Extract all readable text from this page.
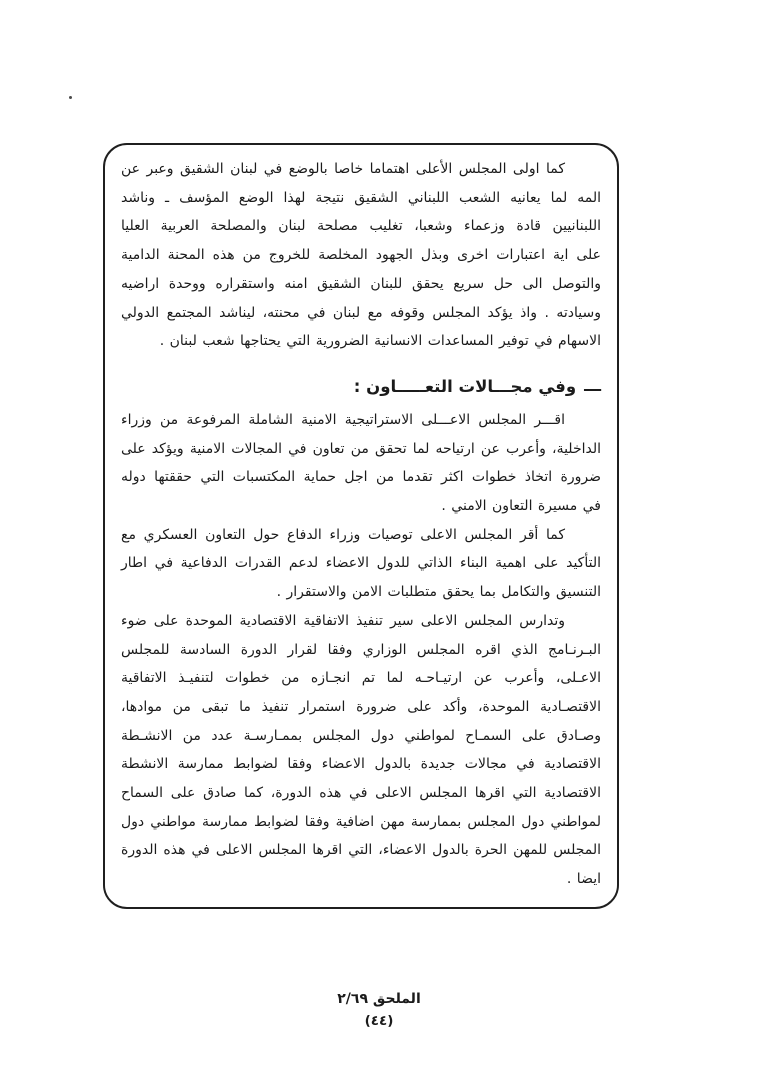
كما اولى المجلس الأعلى اهتماما خاصا بالوضع في لبنان الشقيق وعبر عن
المه لما يعانيه الشعب اللبناني الشقيق نتيجة لهذا الوضع المؤسف ـ وناشد
اللبنانيين قادة وزعماء وشعبا، تغليب مصلحة لبنان والمصلحة العربية العليا
على اية اعتبارات اخرى وبذل الجهود المخلصة للخروج من هذه المحنة الدامية
والتوصل الى حل سريع يحقق للبنان الشقيق امنه واستقراره ووحدة اراضيه
وسيادته . واذ يؤكد المجلس وقوفه مع لبنان في محنته، ليناشد المجتمع الدولي
الاسهام في توفير المساعدات الانسانية الضرورية التي يحتاجها شعب لبنان .
ـــوفي مجـــالات التعـــــاون :
اقـــر المجلس الاعـــلى الاستراتيجية الامنية الشاملة المرفوعة من وزراء
الداخلية، وأعرب عن ارتياحه لما تحقق من تعاون في المجالات الامنية ويؤكد على
ضرورة اتخاذ خطوات اكثر تقدما من اجل حماية المكتسبات التي حققتها دوله
في مسيرة التعاون الامني .
كما أقر المجلس الاعلى توصيات وزراء الدفاع حول التعاون العسكري مع
التأكيد على اهمية البناء الذاتي للدول الاعضاء لدعم القدرات الدفاعية في اطار
التنسيق والتكامل بما يحقق متطلبات الامن والاستقرار .
وتدارس المجلس الاعلى سير تنفيذ الاتفاقية الاقتصادية الموحدة على ضوء
البـرنـامج الذي اقره المجلس الوزاري وفقا لقرار الدورة السادسة للمجلس
الاعـلى، وأعرب عن ارتيـاحـه لما تم انجـازه من خطوات لتنفيـذ الاتفاقية
الاقتصـادية الموحدة، وأكد على ضرورة استمرار تنفيذ ما تبقى من موادها،
وصـادق على السمـاح لمواطني دول المجلس بممـارسـة عدد من الانشـطة
الاقتصادية في مجالات جديدة بالدول الاعضاء وفقا لضوابط ممارسة الانشطة
الاقتصادية التي اقرها المجلس الاعلى في هذه الدورة، كما صادق على السماح
لمواطني دول المجلس بممارسة مهن اضافية وفقا لضوابط ممارسة مواطني دول
المجلس للمهن الحرة بالدول الاعضاء، التي اقرها المجلس الاعلى في هذه الدورة
ايضا .
الملحق ٢/٦٩
(٤٤)
